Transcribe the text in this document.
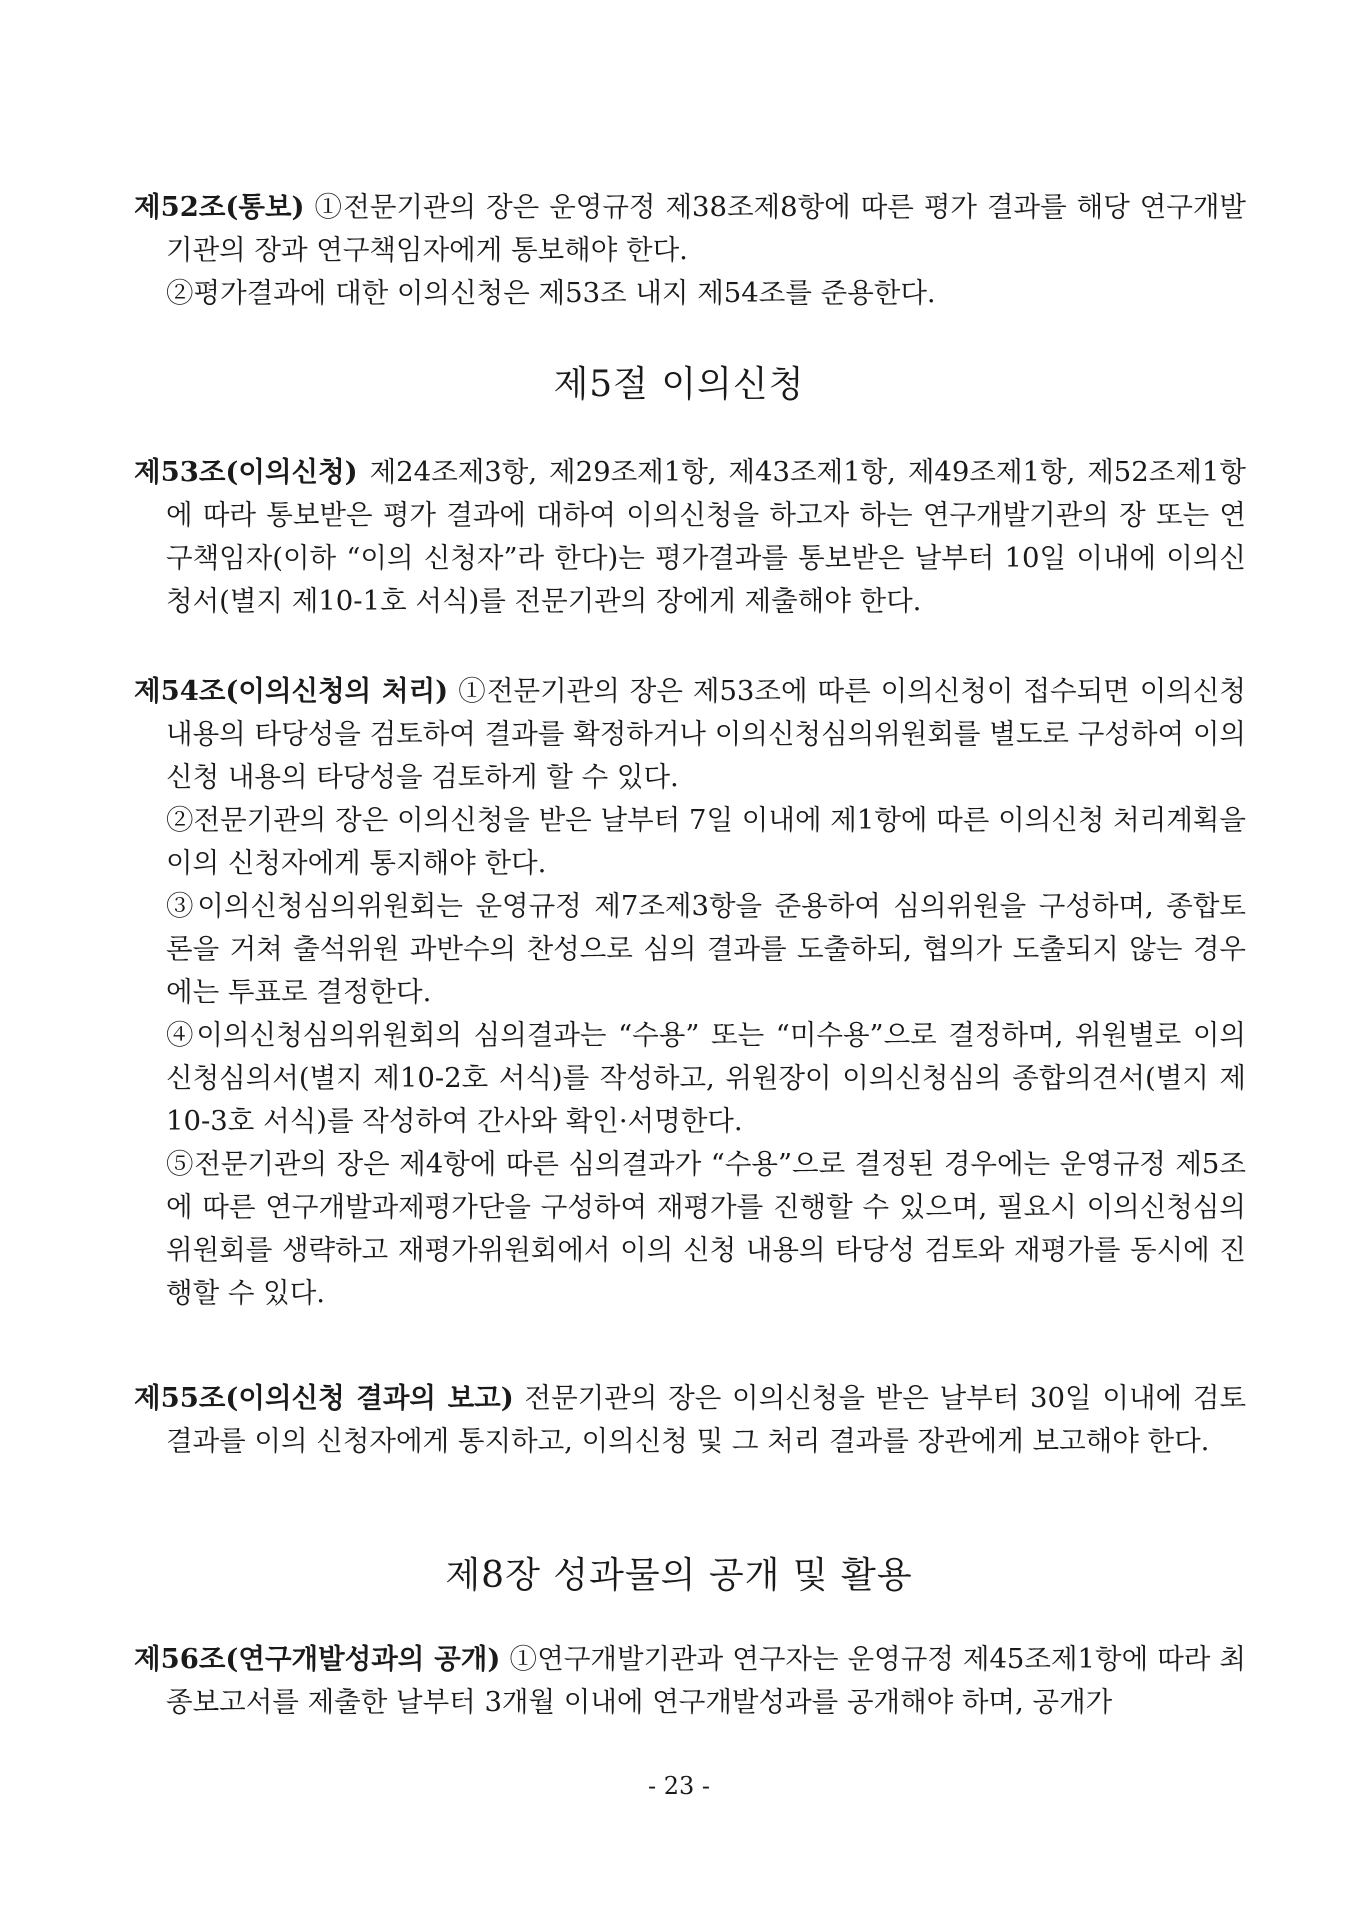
제52조(통보) ①전문기관의 장은 운영규정 제38조제8항에 따른 평가 결과를 해당 연구개발기관의 장과 연구책임자에게 통보해야 한다.

②평가결과에 대한 이의신청은 제53조 내지 제54조를 준용한다.

제5절 이의신청

제53조(이의신청) 제24조제3항, 제29조제1항, 제43조제1항, 제49조제1항, 제52조제1항에 따라 통보받은 평가 결과에 대하여 이의신청을 하고자 하는 연구개발기관의 장 또는 연구책임자(이하 “이의 신청자”라 한다)는 평가결과를 통보받은 날부터 10일 이내에 이의신청서(별지 제10-1호 서식)를 전문기관의 장에게 제출해야 한다.

제54조(이의신청의 처리) ①전문기관의 장은 제53조에 따른 이의신청이 접수되면 이의신청 내용의 타당성을 검토하여 결과를 확정하거나 이의신청심의위원회를 별도로 구성하여 이의신청 내용의 타당성을 검토하게 할 수 있다.

②전문기관의 장은 이의신청을 받은 날부터 7일 이내에 제1항에 따른 이의신청 처리계획을 이의 신청자에게 통지해야 한다.

③이의신청심의위원회는 운영규정 제7조제3항을 준용하여 심의위원을 구성하며, 종합토론을 거쳐 출석위원 과반수의 찬성으로 심의 결과를 도출하되, 협의가 도출되지 않는 경우에는 투표로 결정한다.

④이의신청심의위원회의 심의결과는 “수용” 또는 “미수용”으로 결정하며, 위원별로 이의신청심의서(별지 제10-2호 서식)를 작성하고, 위원장이 이의신청심의 종합의견서(별지 제10-3호 서식)를 작성하여 간사와 확인·서명한다.

⑤전문기관의 장은 제4항에 따른 심의결과가 “수용”으로 결정된 경우에는 운영규정 제5조에 따른 연구개발과제평가단을 구성하여 재평가를 진행할 수 있으며, 필요시 이의신청심의위원회를 생략하고 재평가위원회에서 이의 신청 내용의 타당성 검토와 재평가를 동시에 진행할 수 있다.

제55조(이의신청 결과의 보고) 전문기관의 장은 이의신청을 받은 날부터 30일 이내에 검토 결과를 이의 신청자에게 통지하고, 이의신청 및 그 처리 결과를 장관에게 보고해야 한다.

제8장 성과물의 공개 및 활용

제56조(연구개발성과의 공개) ①연구개발기관과 연구자는 운영규정 제45조제1항에 따라 최종보고서를 제출한 날부터 3개월 이내에 연구개발성과를 공개해야 하며, 공개가

- 23 -
